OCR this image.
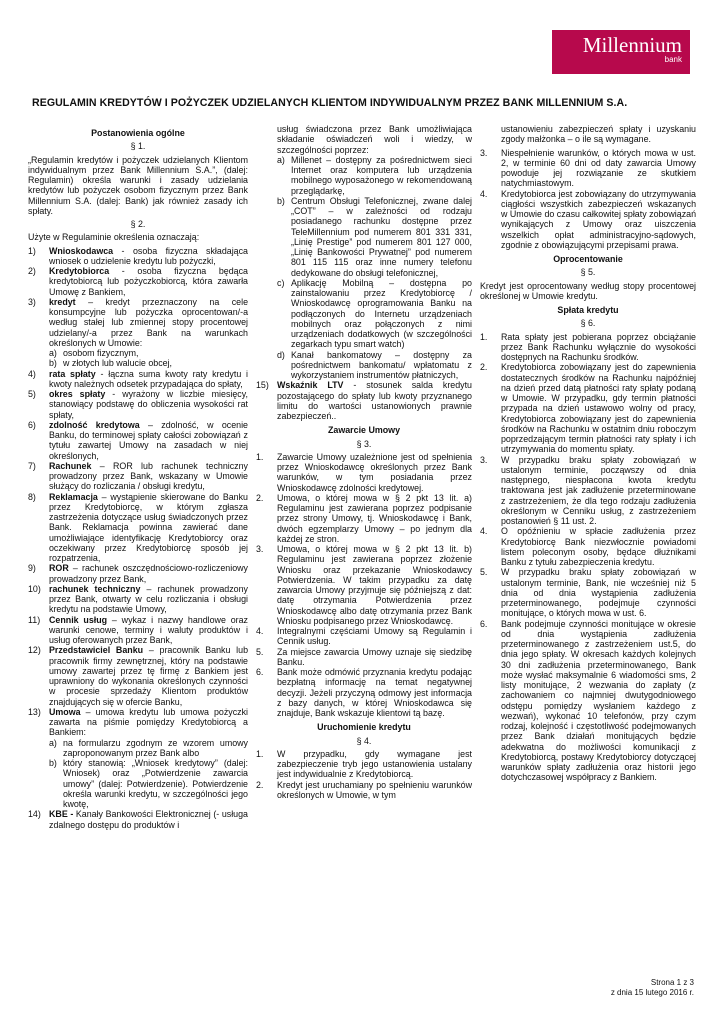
Millennium
bank
REGULAMIN KREDYTÓW I POŻYCZEK UDZIELANYCH KLIENTOM INDYWIDUALNYM PRZEZ BANK MILLENNIUM S.A.
Postanowienia ogólne
§ 1.
„Regulamin kredytów i pożyczek udzielanych Klientom indywidualnym przez Bank Millennium S.A.”, (dalej: Regulamin) określa warunki i zasady udzielania kredytów lub pożyczek osobom fizycznym przez Bank Millennium S.A. (dalej: Bank) jak również zasady ich spłaty.
§ 2.
Użyte w Regulaminie określenia oznaczają:
1)	Wnioskodawca - osoba fizyczna składająca wniosek o udzielenie kredytu lub pożyczki,
2)	Kredytobiorca - osoba fizyczna będąca kredytobiorcą lub pożyczkobiorcą, która zawarła Umowę z Bankiem,
3)	kredyt – kredyt przeznaczony na cele konsumpcyjne lub pożyczka oprocentowan/-a według stałej lub zmiennej stopy procentowej udzielany/-a przez Bank na warunkach określonych w Umowie:
a) osobom fizycznym,
b) w złotych lub walucie obcej,
4)	rata spłaty - łączna suma kwoty raty kredytu i kwoty należnych odsetek przypadająca do spłaty,
5)	okres spłaty - wyrażony w liczbie miesięcy, stanowiący podstawę do obliczenia wysokości rat spłaty,
6)	zdolność kredytowa – zdolność, w ocenie Banku, do terminowej spłaty całości zobowiązań z tytułu zawartej Umowy na zasadach w niej określonych,
7)	Rachunek – ROR lub rachunek techniczny prowadzony przez Bank, wskazany w Umowie służący do rozliczania / obsługi kredytu,
8)	Reklamacja – wystąpienie skierowane do Banku przez Kredytobiorcę, w którym zgłasza zastrzeżenia dotyczące usług świadczonych przez Bank. Reklamacja powinna zawierać dane umożliwiające identyfikację Kredytobiorcy oraz oczekiwany przez Kredytobiorcę sposób jej rozpatrzenia,
9)	ROR – rachunek oszczędnościowo-rozliczeniowy prowadzony przez Bank,
10) rachunek techniczny – rachunek prowadzony przez Bank, otwarty w celu rozliczania i obsługi kredytu na podstawie Umowy,
11) Cennik usług – wykaz i nazwy handlowe oraz warunki cenowe, terminy i waluty produktów i usług oferowanych przez Bank,
12) Przedstawiciel Banku – pracownik Banku lub pracownik firmy zewnętrznej, który na podstawie umowy zawartej przez tę firmę z Bankiem jest uprawniony do wykonania określonych czynności w procesie sprzedaży Klientom produktów znajdujących się w ofercie Banku,
13) Umowa – umowa kredytu lub umowa pożyczki zawarta na piśmie pomiędzy Kredytobiorcą a Bankiem:
a) na formularzu zgodnym ze wzorem umowy zaproponowanym przez Bank albo
b) który stanowią: „Wniosek kredytowy” (dalej: Wniosek) oraz „Potwierdzenie zawarcia umowy” (dalej: Potwierdzenie). Potwierdzenie określa warunki kredytu, w szczególności jego kwotę,
14) KBE - Kanały Bankowości Elektronicznej (- usługa zdalnego dostępu do produktów i
usług świadczona przez Bank umożliwiająca składanie oświadczeń woli i wiedzy, w szczególności poprzez:
a) Millenet – dostępny za pośrednictwem sieci Internet oraz komputera lub urządzenia mobilnego wyposażonego w rekomendowaną przeglądarkę,
b) Centrum Obsługi Telefonicznej, zwane dalej „COT” – w zależności od rodzaju posiadanego rachunku dostępne przez TeleMillennium pod numerem 801 331 331, „Linię Prestige” pod numerem 801 127 000, „Linię Bankowości Prywatnej” pod numerem 801 115 115 oraz inne numery telefonu dedykowane do obsługi telefonicznej,
c) Aplikację Mobilną – dostępna po zainstalowaniu przez Kredytobiorcę / Wnioskodawcę oprogramowania Banku na podłączonych do Internetu urządzeniach mobilnych oraz połączonych z nimi urządzeniach dodatkowych (w szczególności zegarkach typu smart watch)
d) Kanał bankomatowy – dostępny za pośrednictwem bankomatu/ wpłatomatu z wykorzystaniem instrumentów płatniczych,
15) Wskaźnik LTV - stosunek salda kredytu pozostającego do spłaty lub kwoty przyznanego limitu do wartości ustanowionych prawnie zabezpieczeń..
Zawarcie Umowy
§ 3.
1.	Zawarcie Umowy uzależnione jest od spełnienia przez Wnioskodawcę określonych przez Bank warunków, w tym posiadania przez Wnioskodawcę zdolności kredytowej.
2.	Umowa, o której mowa w § 2 pkt 13 lit. a) Regulaminu jest zawierana poprzez podpisanie przez strony Umowy, tj. Wnioskodawcę i Bank, dwóch egzemplarzy Umowy – po jednym dla każdej ze stron.
3.	Umowa, o której mowa w § 2 pkt 13 lit. b) Regulaminu jest zawierana poprzez złożenie Wniosku oraz przekazanie Wnioskodawcy Potwierdzenia. W takim przypadku za datę zawarcia Umowy przyjmuje się późniejszą z dat: datę otrzymania Potwierdzenia przez Wnioskodawcę albo datę otrzymania przez Bank Wniosku podpisanego przez Wnioskodawcę.
4.	Integralnymi częściami Umowy są Regulamin i Cennik usług.
5.	Za miejsce zawarcia Umowy uznaje się siedzibę Banku.
6.	Bank może odmówić przyznania kredytu podając bezpłatną informację na temat negatywnej decyzji. Jeżeli przyczyną odmowy jest informacja z bazy danych, w której Wnioskodawca się znajduje, Bank wskazuje klientowi tą bazę.
Uruchomienie kredytu
§ 4.
1.	W przypadku, gdy wymagane jest zabezpieczenie tryb jego ustanowienia ustalany jest indywidualnie z Kredytobiorcą.
2.	Kredyt jest uruchamiany po spełnieniu warunków określonych w Umowie, w tym
ustanowieniu zabezpieczeń spłaty i uzyskaniu zgody małżonka – o ile są wymagane.
3.	Niespełnienie warunków, o których mowa w ust. 2, w terminie 60 dni od daty zawarcia Umowy powoduje jej rozwiązanie ze skutkiem natychmiastowym.
4.	Kredytobiorca jest zobowiązany do utrzymywania ciągłości wszystkich zabezpieczeń wskazanych w Umowie do czasu całkowitej spłaty zobowiązań wynikających z Umowy oraz uiszczenia wszelkich opłat administracyjno-sądowych, zgodnie z obowiązującymi przepisami prawa.
Oprocentowanie
§ 5.
Kredyt jest oprocentowany według stopy procentowej określonej w Umowie kredytu.
Spłata kredytu
§ 6.
1.	Rata spłaty jest pobierana poprzez obciążanie przez Bank Rachunku wyłącznie do wysokości dostępnych na Rachunku środków.
2.	Kredytobiorca zobowiązany jest do zapewnienia dostatecznych środków na Rachunku najpóźniej na dzień przed datą płatności raty spłaty podaną w Umowie. W przypadku, gdy termin płatności przypada na dzień ustawowo wolny od pracy, Kredytobiorca zobowiązany jest do zapewnienia środków na Rachunku w ostatnim dniu roboczym poprzedzającym termin płatności raty spłaty i ich utrzymywania do momentu spłaty.
3.	W przypadku braku spłaty zobowiązań w ustalonym terminie, począwszy od dnia następnego, niespłacona kwota kredytu traktowana jest jak zadłużenie przeterminowane z zastrzeżeniem, że dla tego rodzaju zadłużenia określonym w Cenniku usług, z zastrzeżeniem postanowień § 11 ust. 2.
4.	O opóźnieniu w spłacie zadłużenia przez Kredytobiorcę Bank niezwłocznie powiadomi listem poleconym osoby, będące dłużnikami Banku z tytułu zabezpieczenia kredytu.
5.	W przypadku braku spłaty zobowiązań w ustalonym terminie, Bank, nie wcześniej niż 5 dnia od dnia wystąpienia zadłużenia przeterminowanego, podejmuje czynności monitujące, o których mowa w ust. 6.
6.	Bank podejmuje czynności monitujące w okresie od dnia wystąpienia zadłużenia przeterminowanego z zastrzeżeniem ust.5, do dnia jego spłaty. W okresach każdych kolejnych 30 dni zadłużenia przeterminowanego, Bank może wysłać maksymalnie 6 wiadomości sms, 2 listy monitujące, 2 wezwania do zapłaty (z zachowaniem co najmniej dwutygodniowego odstępu pomiędzy wysłaniem każdego z wezwań), wykonać 10 telefonów, przy czym rodzaj, kolejność i częstotliwość podejmowanych przez Bank działań monitujących będzie adekwatna do możliwości komunikacji z Kredytobiorcą, postawy Kredytobiorcy dotyczącej warunków spłaty zadłużenia oraz historii jego dotychczasowej współpracy z Bankiem.
Strona 1 z 3
z dnia 15 lutego 2016 r.
